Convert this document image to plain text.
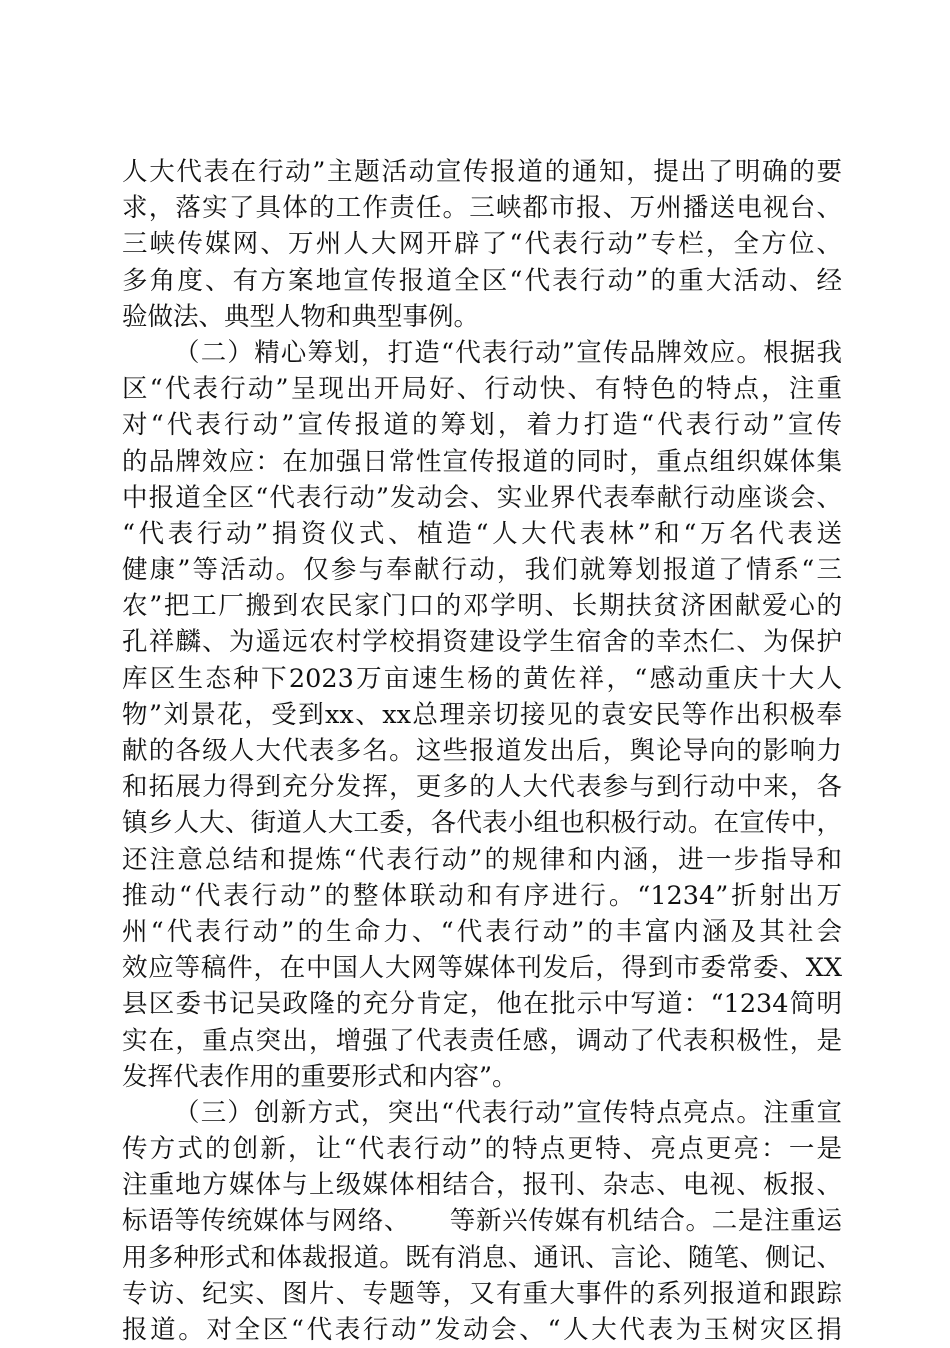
人大代表在行动”主题活动宣传报道的通知，提出了明确的要
求，落实了具体的工作责任。三峡都市报、万州播送电视台、
三峡传媒网、万州人大网开辟了“代表行动”专栏，全方位、
多角度、有方案地宣传报道全区“代表行动”的重大活动、经
验做法、典型人物和典型事例。
（二）精心筹划，打造“代表行动”宣传品牌效应。根据我
区“代表行动”呈现出开局好、行动快、有特色的特点，注重
对“代表行动”宣传报道的筹划，着力打造“代表行动”宣传
的品牌效应：在加强日常性宣传报道的同时，重点组织媒体集
中报道全区“代表行动”发动会、实业界代表奉献行动座谈会、
“代表行动”捐资仪式、植造“人大代表林”和“万名代表送
健康”等活动。仅参与奉献行动，我们就筹划报道了情系“三
农”把工厂搬到农民家门口的邓学明、长期扶贫济困献爱心的
孔祥麟、为遥远农村学校捐资建设学生宿舍的幸杰仁、为保护
库区生态种下2023万亩速生杨的黄佐祥，“感动重庆十大人
物”刘景花，受到xx、xx总理亲切接见的袁安民等作出积极奉
献的各级人大代表多名。这些报道发出后，舆论导向的影响力
和拓展力得到充分发挥，更多的人大代表参与到行动中来，各
镇乡人大、街道人大工委，各代表小组也积极行动。在宣传中，
还注意总结和提炼“代表行动”的规律和内涵，进一步指导和
推动“代表行动”的整体联动和有序进行。“1234”折射出万
州“代表行动”的生命力、“代表行动”的丰富内涵及其社会
效应等稿件，在中国人大网等媒体刊发后，得到市委常委、XX
县区委书记吴政隆的充分肯定，他在批示中写道：“1234简明
实在，重点突出，增强了代表责任感，调动了代表积极性，是
发挥代表作用的重要形式和内容”。
（三）创新方式，突出“代表行动”宣传特点亮点。注重宣
传方式的创新，让“代表行动”的特点更特、亮点更亮：一是
注重地方媒体与上级媒体相结合，报刊、杂志、电视、板报、
标语等传统媒体与网络、　　等新兴传媒有机结合。二是注重运
用多种形式和体裁报道。既有消息、通讯、言论、随笔、侧记、
专访、纪实、图片、专题等，又有重大事件的系列报道和跟踪
报道。对全区“代表行动”发动会、“人大代表为玉树灾区捐
